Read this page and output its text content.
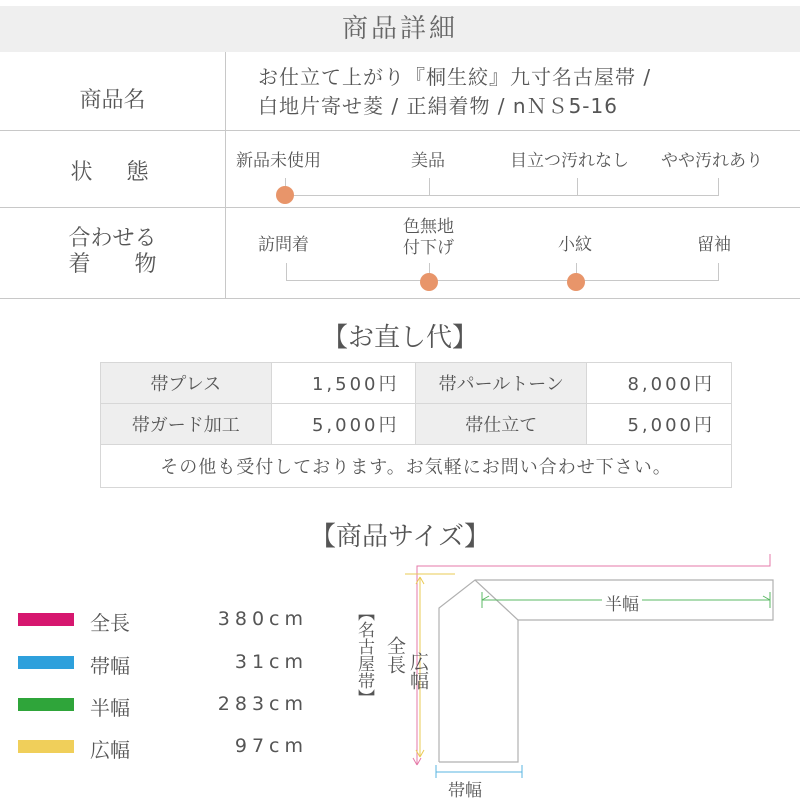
商品詳細
商品名
お仕立て上がり『桐生絞』九寸名古屋帯 /
白地片寄せ菱 / 正絹着物 / nＮＳ5-16
状　態	新品未使用	美品	目立つ汚れなし やや汚れあり
合わせる
着　　物
訪問着
色無地
付下げ	小紋	留袖
【お直し代】
帯プレス	1,500円	帯パールトーン	8,000円
帯ガード加工	5,000円	帯仕立て	5,000円
その他も受付しております。お気軽にお問い合わせ下さい。			
【商品サイズ】
全長	380cm
帯幅	31cm
半幅	283cm
広幅	97cm
【名古屋帯】 全長 広幅
半幅
帯幅
